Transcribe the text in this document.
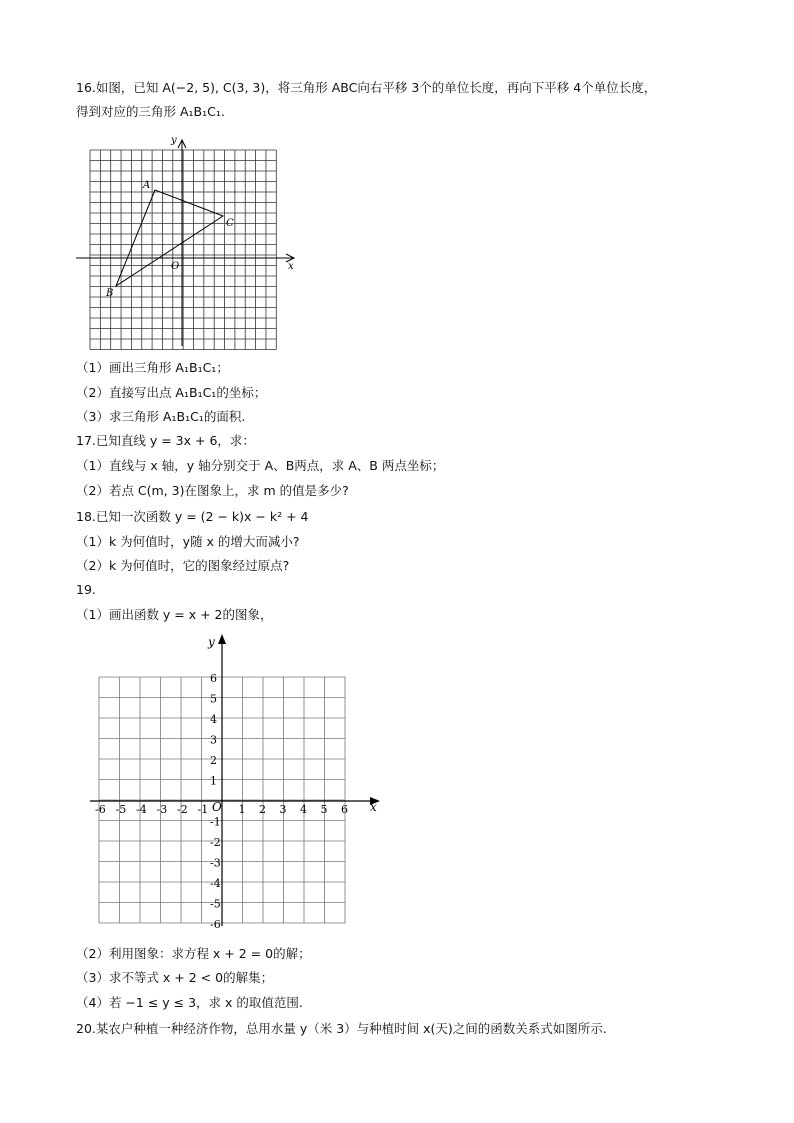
16.如图，已知 A(−2, 5), C(3, 3)，将三角形 ABC向右平移 3个的单位长度，再向下平移 4个单位长度，
得到对应的三角形 A₁B₁C₁.
y
x
O
A
B
C
（1）画出三角形 A₁B₁C₁；
（2）直接写出点 A₁B₁C₁的坐标；
（3）求三角形 A₁B₁C₁的面积.
17.已知直线 y = 3x + 6，求：
（1）直线与 x 轴，y 轴分别交于 A、B两点，求 A、B 两点坐标；
（2）若点 C(m, 3)在图象上，求 m 的值是多少?
18.已知一次函数 y = (2 − k)x − k² + 4
（1）k 为何值时，y随 x 的增大而减小?
（2）k 为何值时，它的图象经过原点?
19.
（1）画出函数 y = x + 2的图象，
x
y
O
-6 -5 -4 -3 -2 -1	1 2 3 4 5 6
6
5
4
3
2
1
-1
-2
-3
-4
-5
-6
（2）利用图象：求方程 x + 2 = 0的解；
（3）求不等式 x + 2 < 0的解集；
（4）若 −1 ≤ y ≤ 3，求 x 的取值范围.
20.某农户种植一种经济作物，总用水量 y（米 3）与种植时间 x(天)之间的函数关系式如图所示.
